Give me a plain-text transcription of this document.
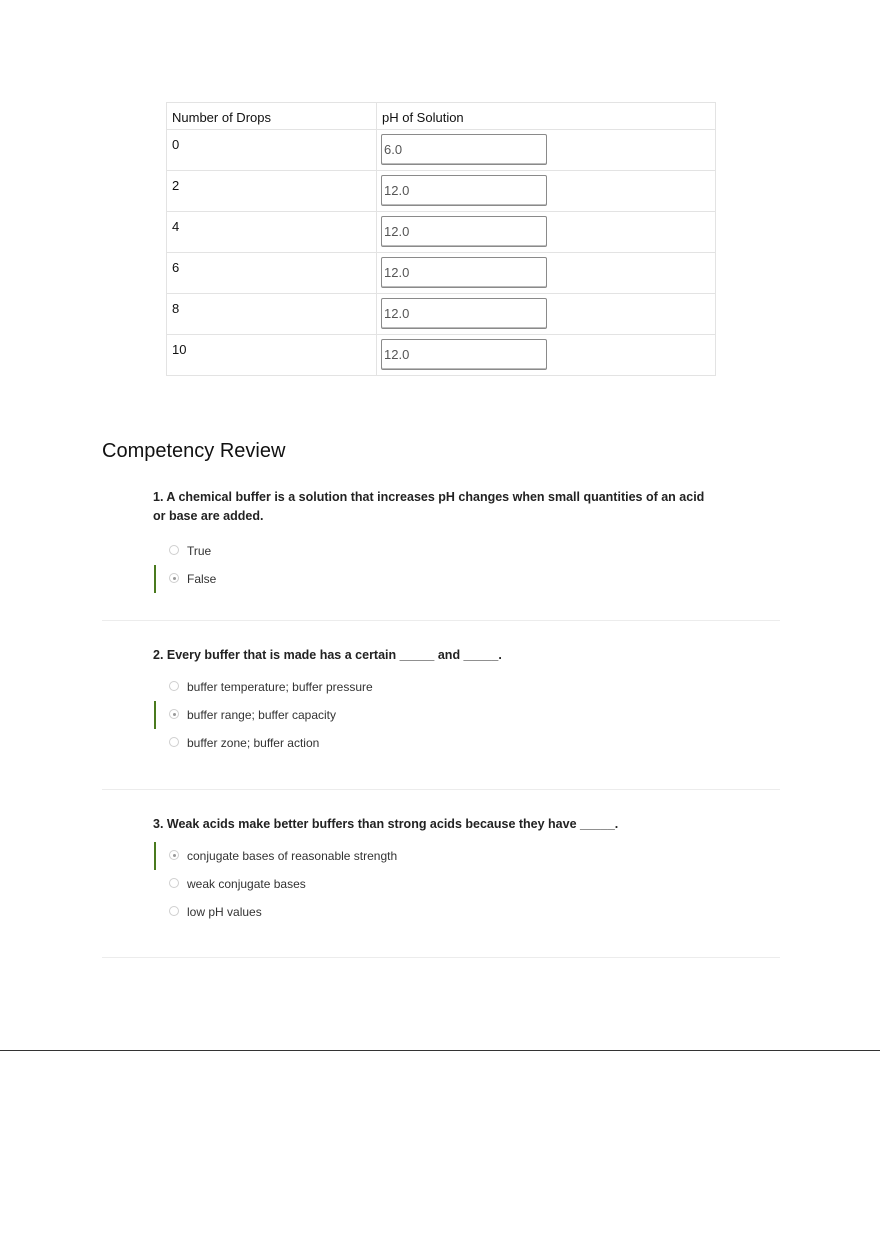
Number of Drops	pH of Solution
0	6.0
2	12.0
4	12.0
6	12.0
8	12.0
10	12.0
Competency Review

1. A chemical buffer is a solution that increases pH changes when small quantities of an acid or base are added.

True
False

2. Every buffer that is made has a certain _____ and _____.

buffer temperature; buffer pressure
buffer range; buffer capacity
buffer zone; buffer action

3. Weak acids make better buffers than strong acids because they have _____.

conjugate bases of reasonable strength
weak conjugate bases
low pH values
